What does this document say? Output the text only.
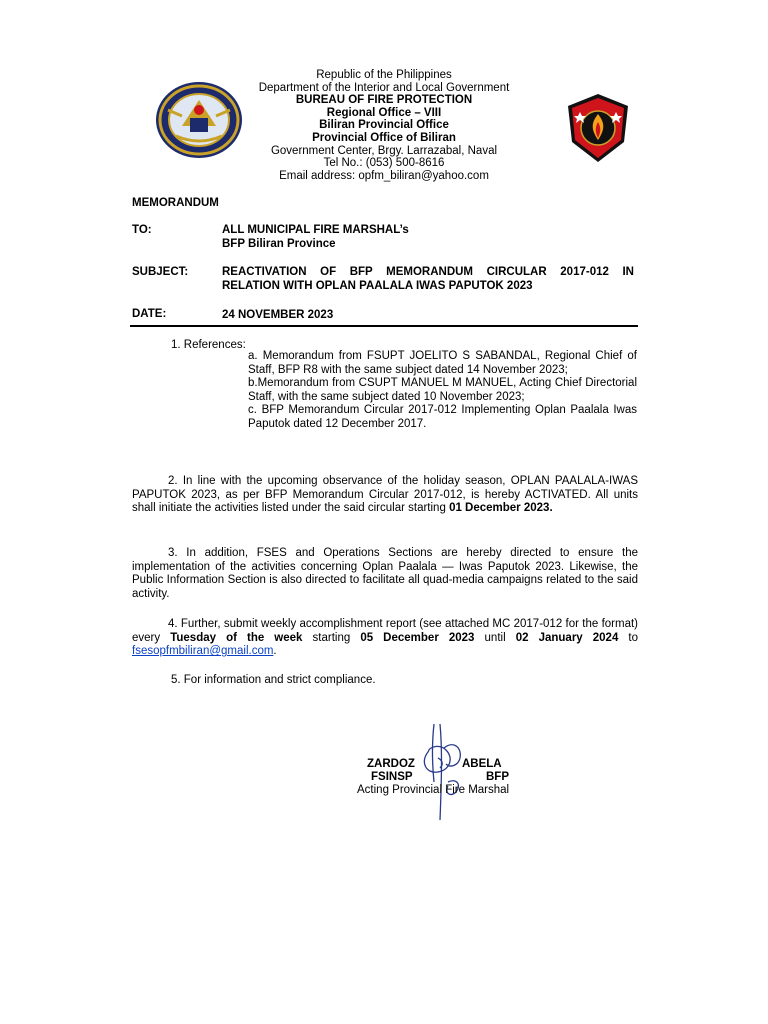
Republic of the Philippines
Department of the Interior and Local Government
BUREAU OF FIRE PROTECTION
Regional Office – VIII
Biliran Provincial Office
Provincial Office of Biliran
Government Center, Brgy. Larrazabal, Naval
Tel No.: (053) 500-8616
Email address: opfm_biliran@yahoo.com
MEMORANDUM
TO:	ALL MUNICIPAL FIRE MARSHAL’s
BFP Biliran Province
SUBJECT:	REACTIVATION OF BFP MEMORANDUM CIRCULAR 2017-012 IN
RELATION WITH OPLAN PAALALA IWAS PAPUTOK 2023
DATE:	24 NOVEMBER 2023
1. References:
a. Memorandum from FSUPT JOELITO S SABANDAL, Regional Chief of Staff, BFP R8 with the same subject dated 14 November 2023;
b.Memorandum from CSUPT MANUEL M MANUEL, Acting Chief Directorial Staff, with the same subject dated 10 November 2023;
c. BFP Memorandum Circular 2017-012 Implementing Oplan Paalala Iwas Paputok dated 12 December 2017.
2. In line with the upcoming observance of the holiday season, OPLAN PAALALA-IWAS PAPUTOK 2023, as per BFP Memorandum Circular 2017-012, is hereby ACTIVATED. All units shall initiate the activities listed under the said circular starting 01 December 2023.
3. In addition, FSES and Operations Sections are hereby directed to ensure the implementation of the activities concerning Oplan Paalala — Iwas Paputok 2023. Likewise, the Public Information Section is also directed to facilitate all quad-media campaigns related to the said activity.
4. Further, submit weekly accomplishment report (see attached MC 2017-012 for the format) every Tuesday of the week starting 05 December 2023 until 02 January 2024 to fsesopfmbiliran@gmail.com.
5. For information and strict compliance.
ZARDOZ	ABELA
FSINSP	BFP
Acting Provincial Fire Marshal
